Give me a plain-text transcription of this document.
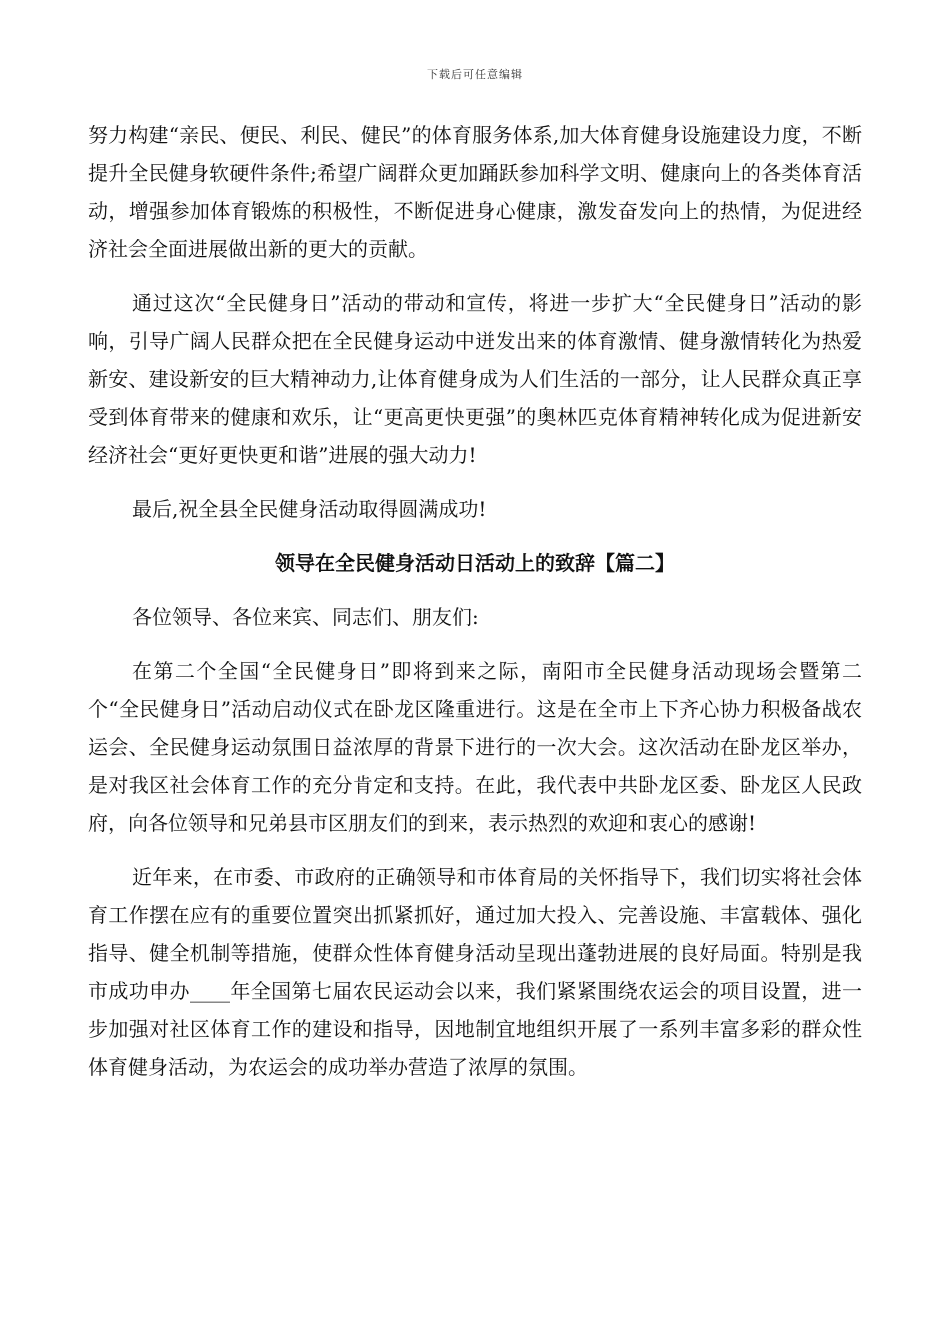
下载后可任意编辑

努力构建“亲民、便民、利民、健民”的体育服务体系,加大体育健身设施建设力度，不断提升全民健身软硬件条件;希望广阔群众更加踊跃参加科学文明、健康向上的各类体育活动，增强参加体育锻炼的积极性，不断促进身心健康，激发奋发向上的热情，为促进经济社会全面进展做出新的更大的贡献。

通过这次“全民健身日”活动的带动和宣传，将进一步扩大“全民健身日”活动的影响，引导广阔人民群众把在全民健身运动中迸发出来的体育激情、健身激情转化为热爱新安、建设新安的巨大精神动力,让体育健身成为人们生活的一部分，让人民群众真正享受到体育带来的健康和欢乐，让“更高更快更强”的奥林匹克体育精神转化成为促进新安经济社会“更好更快更和谐”进展的强大动力!

最后,祝全县全民健身活动取得圆满成功!

领导在全民健身活动日活动上的致辞【篇二】

各位领导、各位来宾、同志们、朋友们:

在第二个全国“全民健身日”即将到来之际，南阳市全民健身活动现场会暨第二个“全民健身日”活动启动仪式在卧龙区隆重进行。这是在全市上下齐心协力积极备战农运会、全民健身运动氛围日益浓厚的背景下进行的一次大会。这次活动在卧龙区举办，是对我区社会体育工作的充分肯定和支持。在此，我代表中共卧龙区委、卧龙区人民政府，向各位领导和兄弟县市区朋友们的到来，表示热烈的欢迎和衷心的感谢!

近年来，在市委、市政府的正确领导和市体育局的关怀指导下，我们切实将社会体育工作摆在应有的重要位置突出抓紧抓好，通过加大投入、完善设施、丰富载体、强化指导、健全机制等措施，使群众性体育健身活动呈现出蓬勃进展的良好局面。特别是我市成功申办____年全国第七届农民运动会以来，我们紧紧围绕农运会的项目设置，进一步加强对社区体育工作的建设和指导，因地制宜地组织开展了一系列丰富多彩的群众性体育健身活动，为农运会的成功举办营造了浓厚的氛围。
